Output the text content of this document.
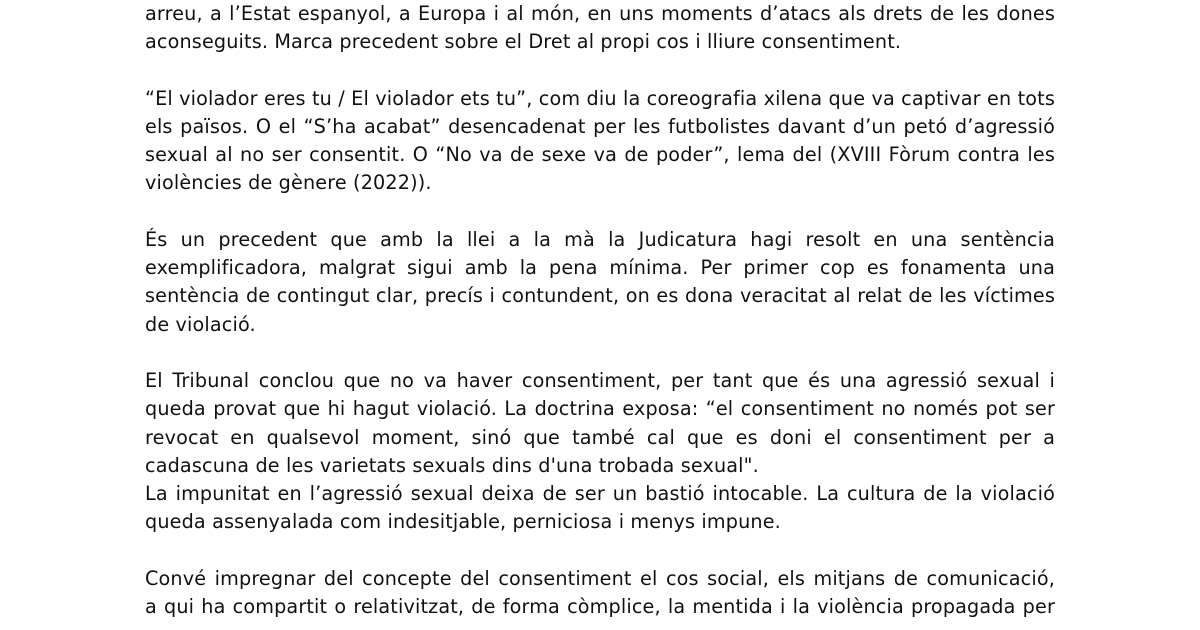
arreu, a l’Estat espanyol, a Europa i al món, en uns moments d’atacs als drets de les dones
aconseguits. Marca precedent sobre el Dret al propi cos i lliure consentiment.

“El violador eres tu / El violador ets tu”, com diu la coreografia xilena que va captivar en tots
els països. O el “S’ha acabat” desencadenat per les futbolistes davant d’un petó d’agressió
sexual al no ser consentit. O “No va de sexe va de poder”, lema del (XVIII Fòrum contra les
violències de gènere (2022)).

És un precedent que amb la llei a la mà la Judicatura hagi resolt en una sentència
exemplificadora, malgrat sigui amb la pena mínima. Per primer cop es fonamenta una
sentència de contingut clar, precís i contundent, on es dona veracitat al relat de les víctimes
de violació.

El Tribunal conclou que no va haver consentiment, per tant que és una agressió sexual i
queda provat que hi hagut violació. La doctrina exposa: “el consentiment no només pot ser
revocat en qualsevol moment, sinó que també cal que es doni el consentiment per a
cadascuna de les varietats sexuals dins d'una trobada sexual".
La impunitat en l’agressió sexual deixa de ser un bastió intocable. La cultura de la violació
queda assenyalada com indesitjable, perniciosa i menys impune.

Convé impregnar del concepte del consentiment el cos social, els mitjans de comunicació,
a qui ha compartit o relativitzat, de forma còmplice, la mentida i la violència propagada per
